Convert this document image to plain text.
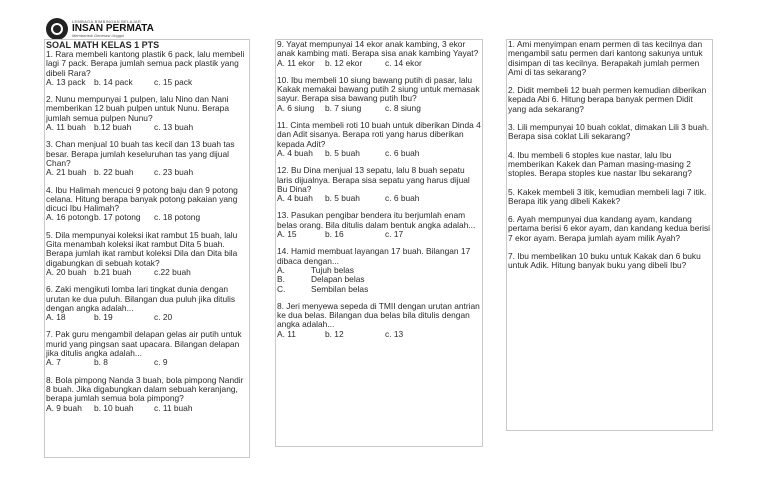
LEMBAGA BIMBINGAN BELAJAR
INSAN PERMATA
Membentuk Generasi Unggul
SOAL MATH KELAS 1 PTS

1. Rara membeli kantong plastik 6 pack, lalu membeli lagi 7 pack. Berapa jumlah semua pack plastik yang dibeli Rara?

A. 13 pack	b. 14 pack	c. 15 pack

2. Nunu mempunyai 1 pulpen, lalu Nino dan Nani memberikan 12 buah pulpen untuk Nunu. Berapa jumlah semua pulpen Nunu?

A. 11 buah b.12 buah	c. 13 buah

3. Chan menjual 10 buah tas kecil dan 13 buah tas besar. Berapa jumlah keseluruhan tas yang dijual Chan?

A. 21 buah b. 22 buah	c. 23 buah

4. Ibu Halimah mencuci 9 potong baju dan 9 potong celana. Hitung berapa banyak potong pakaian yang dicuci Ibu Halimah?

A. 16 potong b. 17 potong	c. 18 potong

5. Dila mempunyai koleksi ikat rambut 15 buah, lalu Gita menambah koleksi ikat rambut Dita 5 buah. Berapa jumlah ikat rambut koleksi Dila dan Dita bila digabungkan di sebuah kotak?

A. 20 buah b.21 buah	c.22 buah

6. Zaki mengikuti lomba lari tingkat dunia dengan urutan ke dua puluh. Bilangan dua puluh jika ditulis dengan angka adalah...

A. 18	b. 19	c. 20

7. Pak guru mengambil delapan gelas air putih untuk murid yang pingsan saat upacara. Bilangan delapan jika ditulis angka adalah...

A. 7	b. 8	c. 9

8. Bola pimpong Nanda 3 buah, bola pimpong Nandir 8 buah. Jika digabungkan dalam sebuah keranjang, berapa jumlah semua bola pimpong?

A. 9 buah	b. 10 buah	c. 11 buah

9. Yayat mempunyai 14 ekor anak kambing, 3 ekor anak kambing mati. Berapa sisa anak kambing Yayat?

A. 11 ekor	b. 12 ekor	c. 14 ekor

10. Ibu membeli 10 siung bawang putih di pasar, lalu Kakak memakai bawang putih 2 siung untuk memasak sayur. Berapa sisa bawang putih Ibu?

A. 6 siung	b. 7 siung	c. 8 siung

11. Cinta membeli roti 10 buah untuk diberikan Dinda 4 dan Adit sisanya. Berapa roti yang harus diberikan kepada Adit?

A. 4 buah	b. 5 buah	c. 6 buah

12. Bu Dina menjual 13 sepatu, lalu 8 buah sepatu laris dijualnya. Berapa sisa sepatu yang harus dijual Bu Dina?

A. 4 buah	b. 5 buah	c. 6 buah

13. Pasukan pengibar bendera itu berjumlah enam belas orang. Bila ditulis dalam bentuk angka adalah...

A. 15	b. 16	c. 17

14. Hamid membuat layangan 17 buah. Bilangan 17 dibaca dengan...

A.	Tujuh belas
B.	Delapan belas
C.	Sembilan belas

8. Jeri menyewa sepeda di TMII dengan urutan antrian ke dua belas. Bilangan dua belas bila ditulis dengan angka adalah...

A. 11	b. 12	c. 13

1. Ami menyimpan enam permen di tas kecilnya dan mengambil satu permen dari kantong sakunya untuk disimpan di tas kecilnya. Berapakah jumlah permen Ami di tas sekarang?

2. Didit membeli 12 buah permen kemudian diberikan kepada Abi 6. Hitung berapa banyak permen Didit yang ada sekarang?

3. Lili mempunyai 10 buah coklat, dimakan Lili 3 buah. Berapa sisa coklat Lili sekarang?

4. Ibu membeli 6 stoples kue nastar, lalu Ibu memberikan Kakek dan Paman masing-masing 2 stoples. Berapa stoples kue nastar Ibu sekarang?

5. Kakek membeli 3 itik, kemudian membeli lagi 7 itik. Berapa itik yang dibeli Kakek?

6. Ayah mempunyai dua kandang ayam, kandang pertama berisi 6 ekor ayam, dan kandang kedua berisi 7 ekor ayam. Berapa jumlah ayam milik Ayah?

7. Ibu membelikan 10 buku untuk Kakak dan 6 buku untuk Adik. Hitung banyak buku yang dibeli Ibu?
